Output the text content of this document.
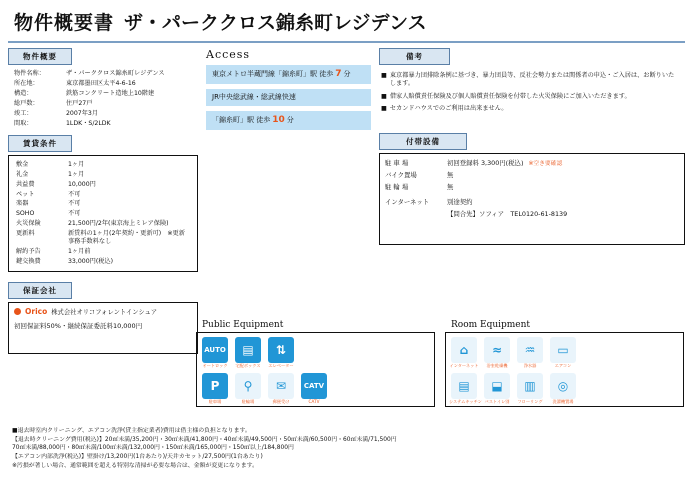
物件概要書 ザ・パーククロス錦糸町レジデンス
物件概要
物件名称：	ザ・パーククロス錦糸町レジデンス
所在地：	東京都墨田区太平4-6-16
構造：	鉄筋コンクリート造地上10階建
総戸数：	住戸27戸
竣工：	2007年3月
間取：	1LDK・S/2LDK
賃貸条件
敷金	1ヶ月
礼金	1ヶ月
共益費	10,000円
ペット	不可
楽器	不可
SOHO	不可
火災保険	21,500円/2年(東京海上ミレア保険)
更新料	新賃料の1ヶ月(2年契約・更新可)　※更新事務手数料なし
解約予告	1ヶ月前
鍵交換費	33,000円(税込)
保証会社
Orico 株式会社オリコフォレントインシュア
初回保証料50%・継続保証委託料10,000円
Access
東京メトロ半蔵門線「錦糸町」駅 徒歩 7 分
JR中央総武線・総武線快速
「錦糸町」駅 徒歩 10 分
備考
■ 東京都暴力団排除条例に基づき、暴力団員等、反社会勢力または関係者の申込・ご入居は、お断りいたします。
■ 借家人賠償責任保険及び個人賠償責任保険を付帯した火災保険にご加入いただきます。
■ セカンドハウスでのご利用は出来ません。
付帯設備
駐 車 場	初回登録料 3,300円(税込) ※空き要確認
バイク置場	無
駐 輪 場	無
インターネット	別途契約
【問合先】ソフィア　TEL0120-61-8139
Public Equipment
AUTO
オートロック
▤
宅配ボックス
⇅
エレベーター
P
駐車場
⚲
駐輪場
✉
郵便受け
CATV
CATV
Room Equipment
⌂
インターネット
≈
浴室乾燥機
♒
浄水器
▭
エアコン
▤
システムキッチン
⬓
バストイレ別
▥
フローリング
◎
洗濯機置場
■退去時室内クリーニング、エアコン洗浄(貸主指定業者)費用は借主様の負担となります。
【退去時クリーニング費用(税込)】20㎡未満/35,200円・30㎡未満/41,800円・40㎡未満/49,500円・50㎡未満/60,500円・60㎡未満/71,500円
70㎡未満/88,000円・80㎡未満/100㎡未満/132,000円・150㎡未満/165,000円・150㎡以上/184,800円
【エアコン内部洗浄(税込)】壁掛け/13,200円(1台あたり)/天井カセット/27,500円(1台あたり)
※汚損が著しい場合、通常範囲を超える特別な清掃が必要な場合は、金額が変更になります。
